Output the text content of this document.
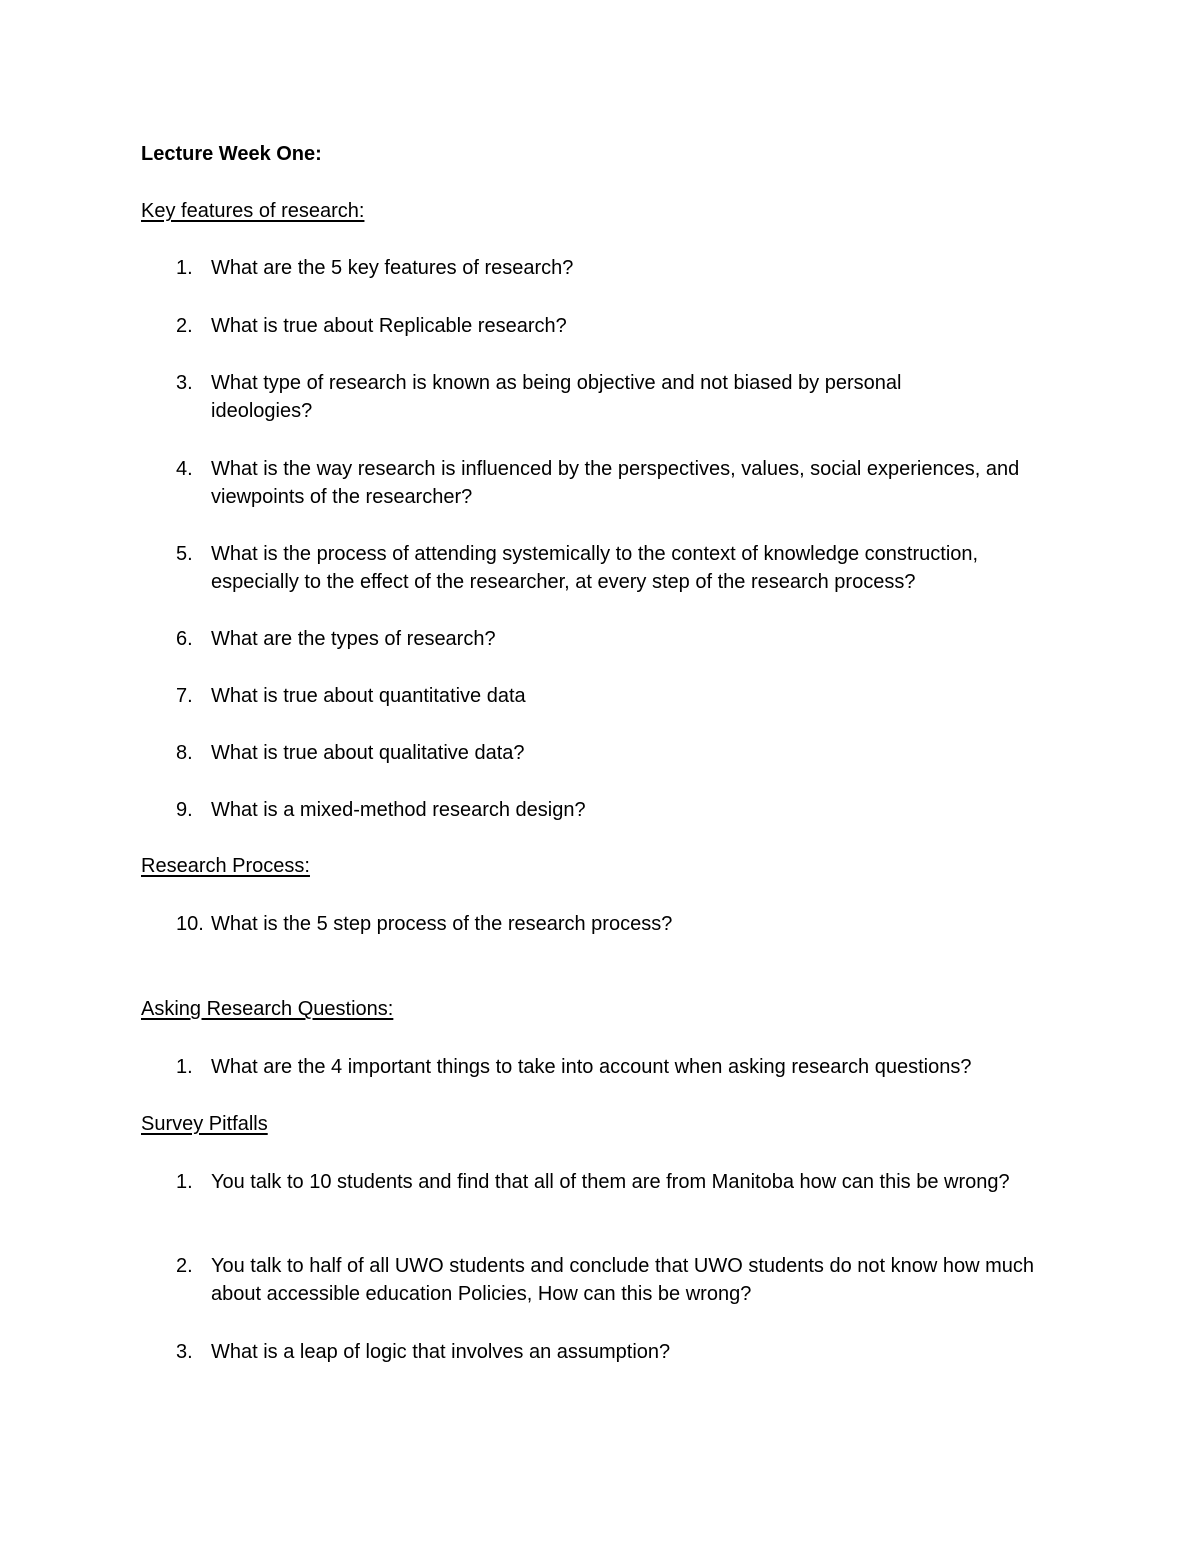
Lecture Week One:
Key features of research:
1. What are the 5 key features of research?
2. What is true about Replicable research?
3. What type of research is known as being objective and not biased by personal ideologies?
4. What is the way research is influenced by the perspectives, values, social experiences, and viewpoints of the researcher?
5. What is the process of attending systemically to the context of knowledge construction, especially to the effect of the researcher, at every step of the research process?
6. What are the types of research?
7. What is true about quantitative data
8. What is true about qualitative data?
9. What is a mixed-method research design?
Research Process:
10. What is the 5 step process of the research process?
Asking Research Questions:
1. What are the 4 important things to take into account when asking research questions?
Survey Pitfalls
1. You talk to 10 students and find that all of them are from Manitoba how can this be wrong?
2. You talk to half of all UWO students and conclude that UWO students do not know how much about accessible education Policies, How can this be wrong?
3. What is a leap of logic that involves an assumption?
